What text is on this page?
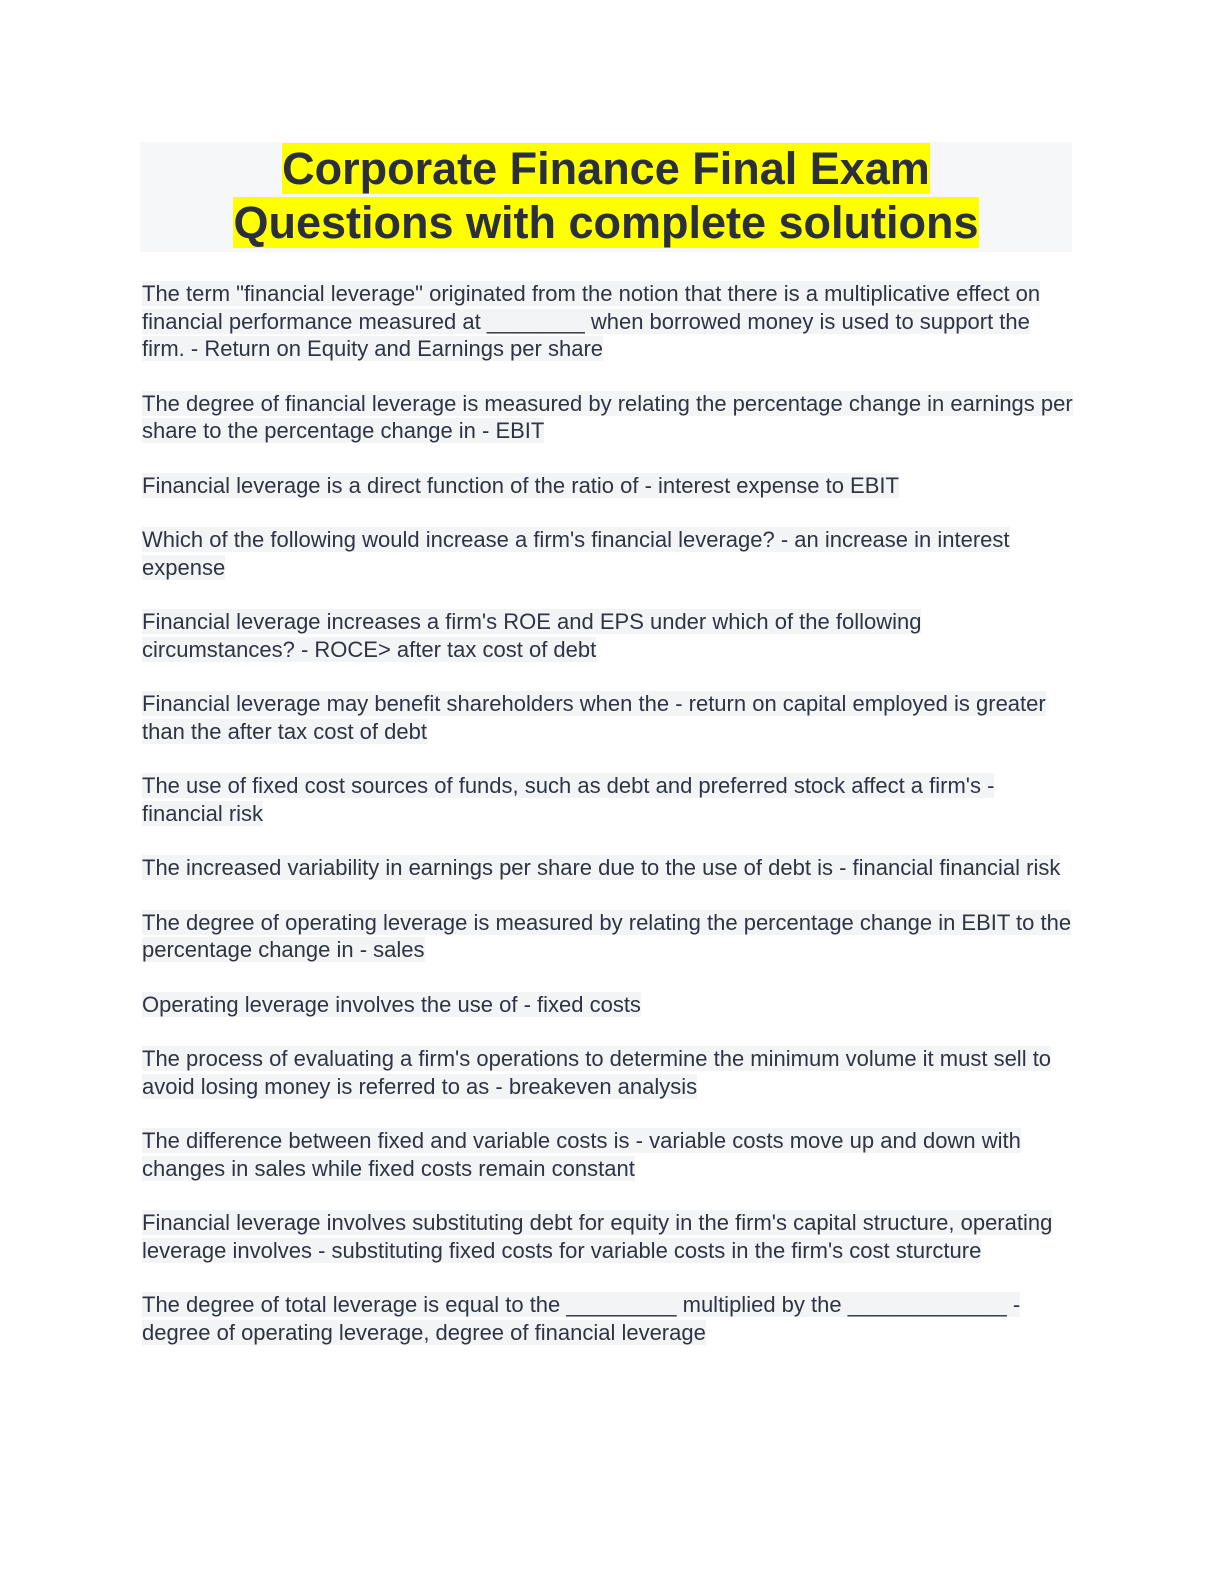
Corporate Finance Final Exam
Questions with complete solutions

The term "financial leverage" originated from the notion that there is a multiplicative effect on financial performance measured at ________ when borrowed money is used to support the firm. - Return on Equity and Earnings per share

The degree of financial leverage is measured by relating the percentage change in earnings per share to the percentage change in - EBIT

Financial leverage is a direct function of the ratio of - interest expense to EBIT

Which of the following would increase a firm's financial leverage? - an increase in interest expense

Financial leverage increases a firm's ROE and EPS under which of the following circumstances? - ROCE> after tax cost of debt

Financial leverage may benefit shareholders when the - return on capital employed is greater than the after tax cost of debt

The use of fixed cost sources of funds, such as debt and preferred stock affect a firm's - financial risk

The increased variability in earnings per share due to the use of debt is - financial financial risk

The degree of operating leverage is measured by relating the percentage change in EBIT to the percentage change in - sales

Operating leverage involves the use of - fixed costs

The process of evaluating a firm's operations to determine the minimum volume it must sell to avoid losing money is referred to as - breakeven analysis

The difference between fixed and variable costs is - variable costs move up and down with changes in sales while fixed costs remain constant

Financial leverage involves substituting debt for equity in the firm's capital structure, operating leverage involves - substituting fixed costs for variable costs in the firm's cost sturcture

The degree of total leverage is equal to the _________ multiplied by the _____________ - degree of operating leverage, degree of financial leverage
